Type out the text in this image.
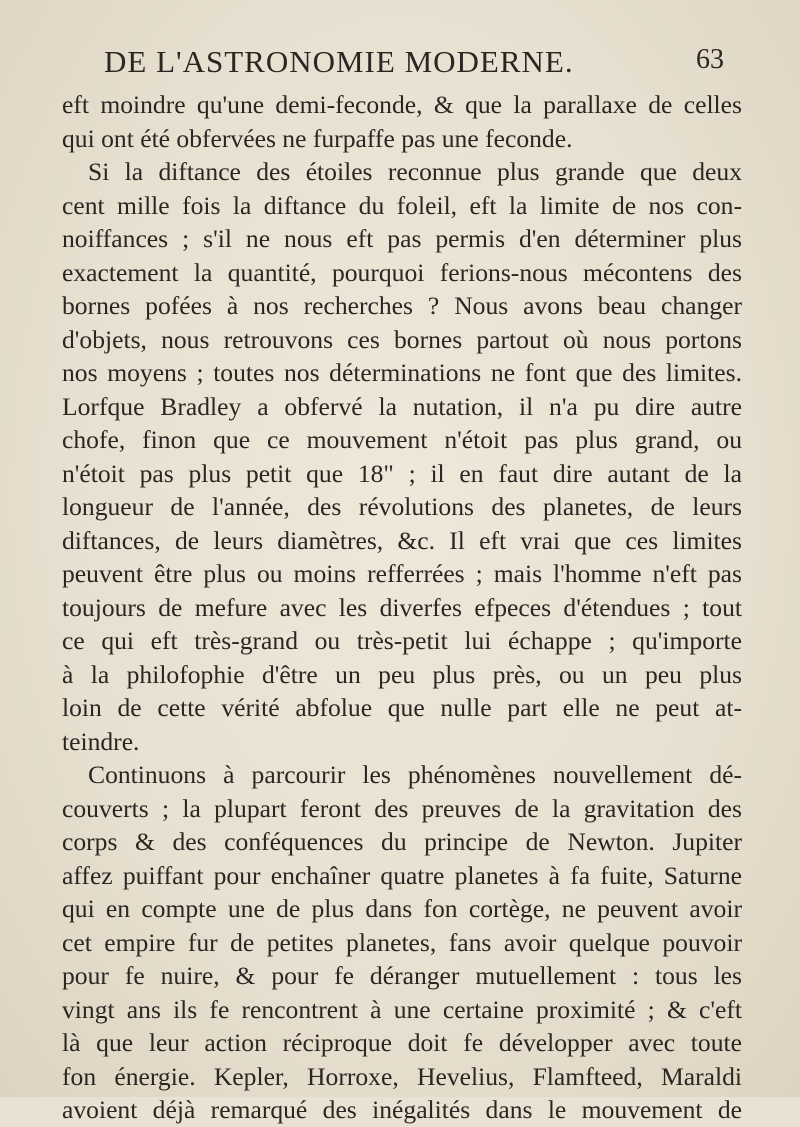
DE L'ASTRONOMIE MODERNE.	63
eft moindre qu'une demi-feconde, & que la parallaxe de celles
qui ont été obfervées ne furpaffe pas une feconde.
Si la diftance des étoiles reconnue plus grande que deux
cent mille fois la diftance du foleil, eft la limite de nos con-
noiffances ; s'il ne nous eft pas permis d'en déterminer plus
exactement la quantité, pourquoi ferions-nous mécontens des
bornes pofées à nos recherches ? Nous avons beau changer
d'objets, nous retrouvons ces bornes partout où nous portons
nos moyens ; toutes nos déterminations ne font que des limites.
Lorfque Bradley a obfervé la nutation, il n'a pu dire autre
chofe, finon que ce mouvement n'étoit pas plus grand, ou
n'étoit pas plus petit que 18" ; il en faut dire autant de la
longueur de l'année, des révolutions des planetes, de leurs
diftances, de leurs diamètres, &c. Il eft vrai que ces limites
peuvent être plus ou moins refferrées ; mais l'homme n'eft pas
toujours de mefure avec les diverfes efpeces d'étendues ; tout
ce qui eft très-grand ou très-petit lui échappe ; qu'importe
à la philofophie d'être un peu plus près, ou un peu plus
loin de cette vérité abfolue que nulle part elle ne peut at-
teindre.
Continuons à parcourir les phénomènes nouvellement dé-
couverts ; la plupart feront des preuves de la gravitation des
corps & des conféquences du principe de Newton. Jupiter
affez puiffant pour enchaîner quatre planetes à fa fuite, Saturne
qui en compte une de plus dans fon cortège, ne peuvent avoir
cet empire fur de petites planetes, fans avoir quelque pouvoir
pour fe nuire, & pour fe déranger mutuellement : tous les
vingt ans ils fe rencontrent à une certaine proximité ; & c'eft
là que leur action réciproque doit fe développer avec toute
fon énergie. Kepler, Horroxe, Hevelius, Flamfteed, Maraldi
avoient déjà remarqué des inégalités dans le mouvement de
